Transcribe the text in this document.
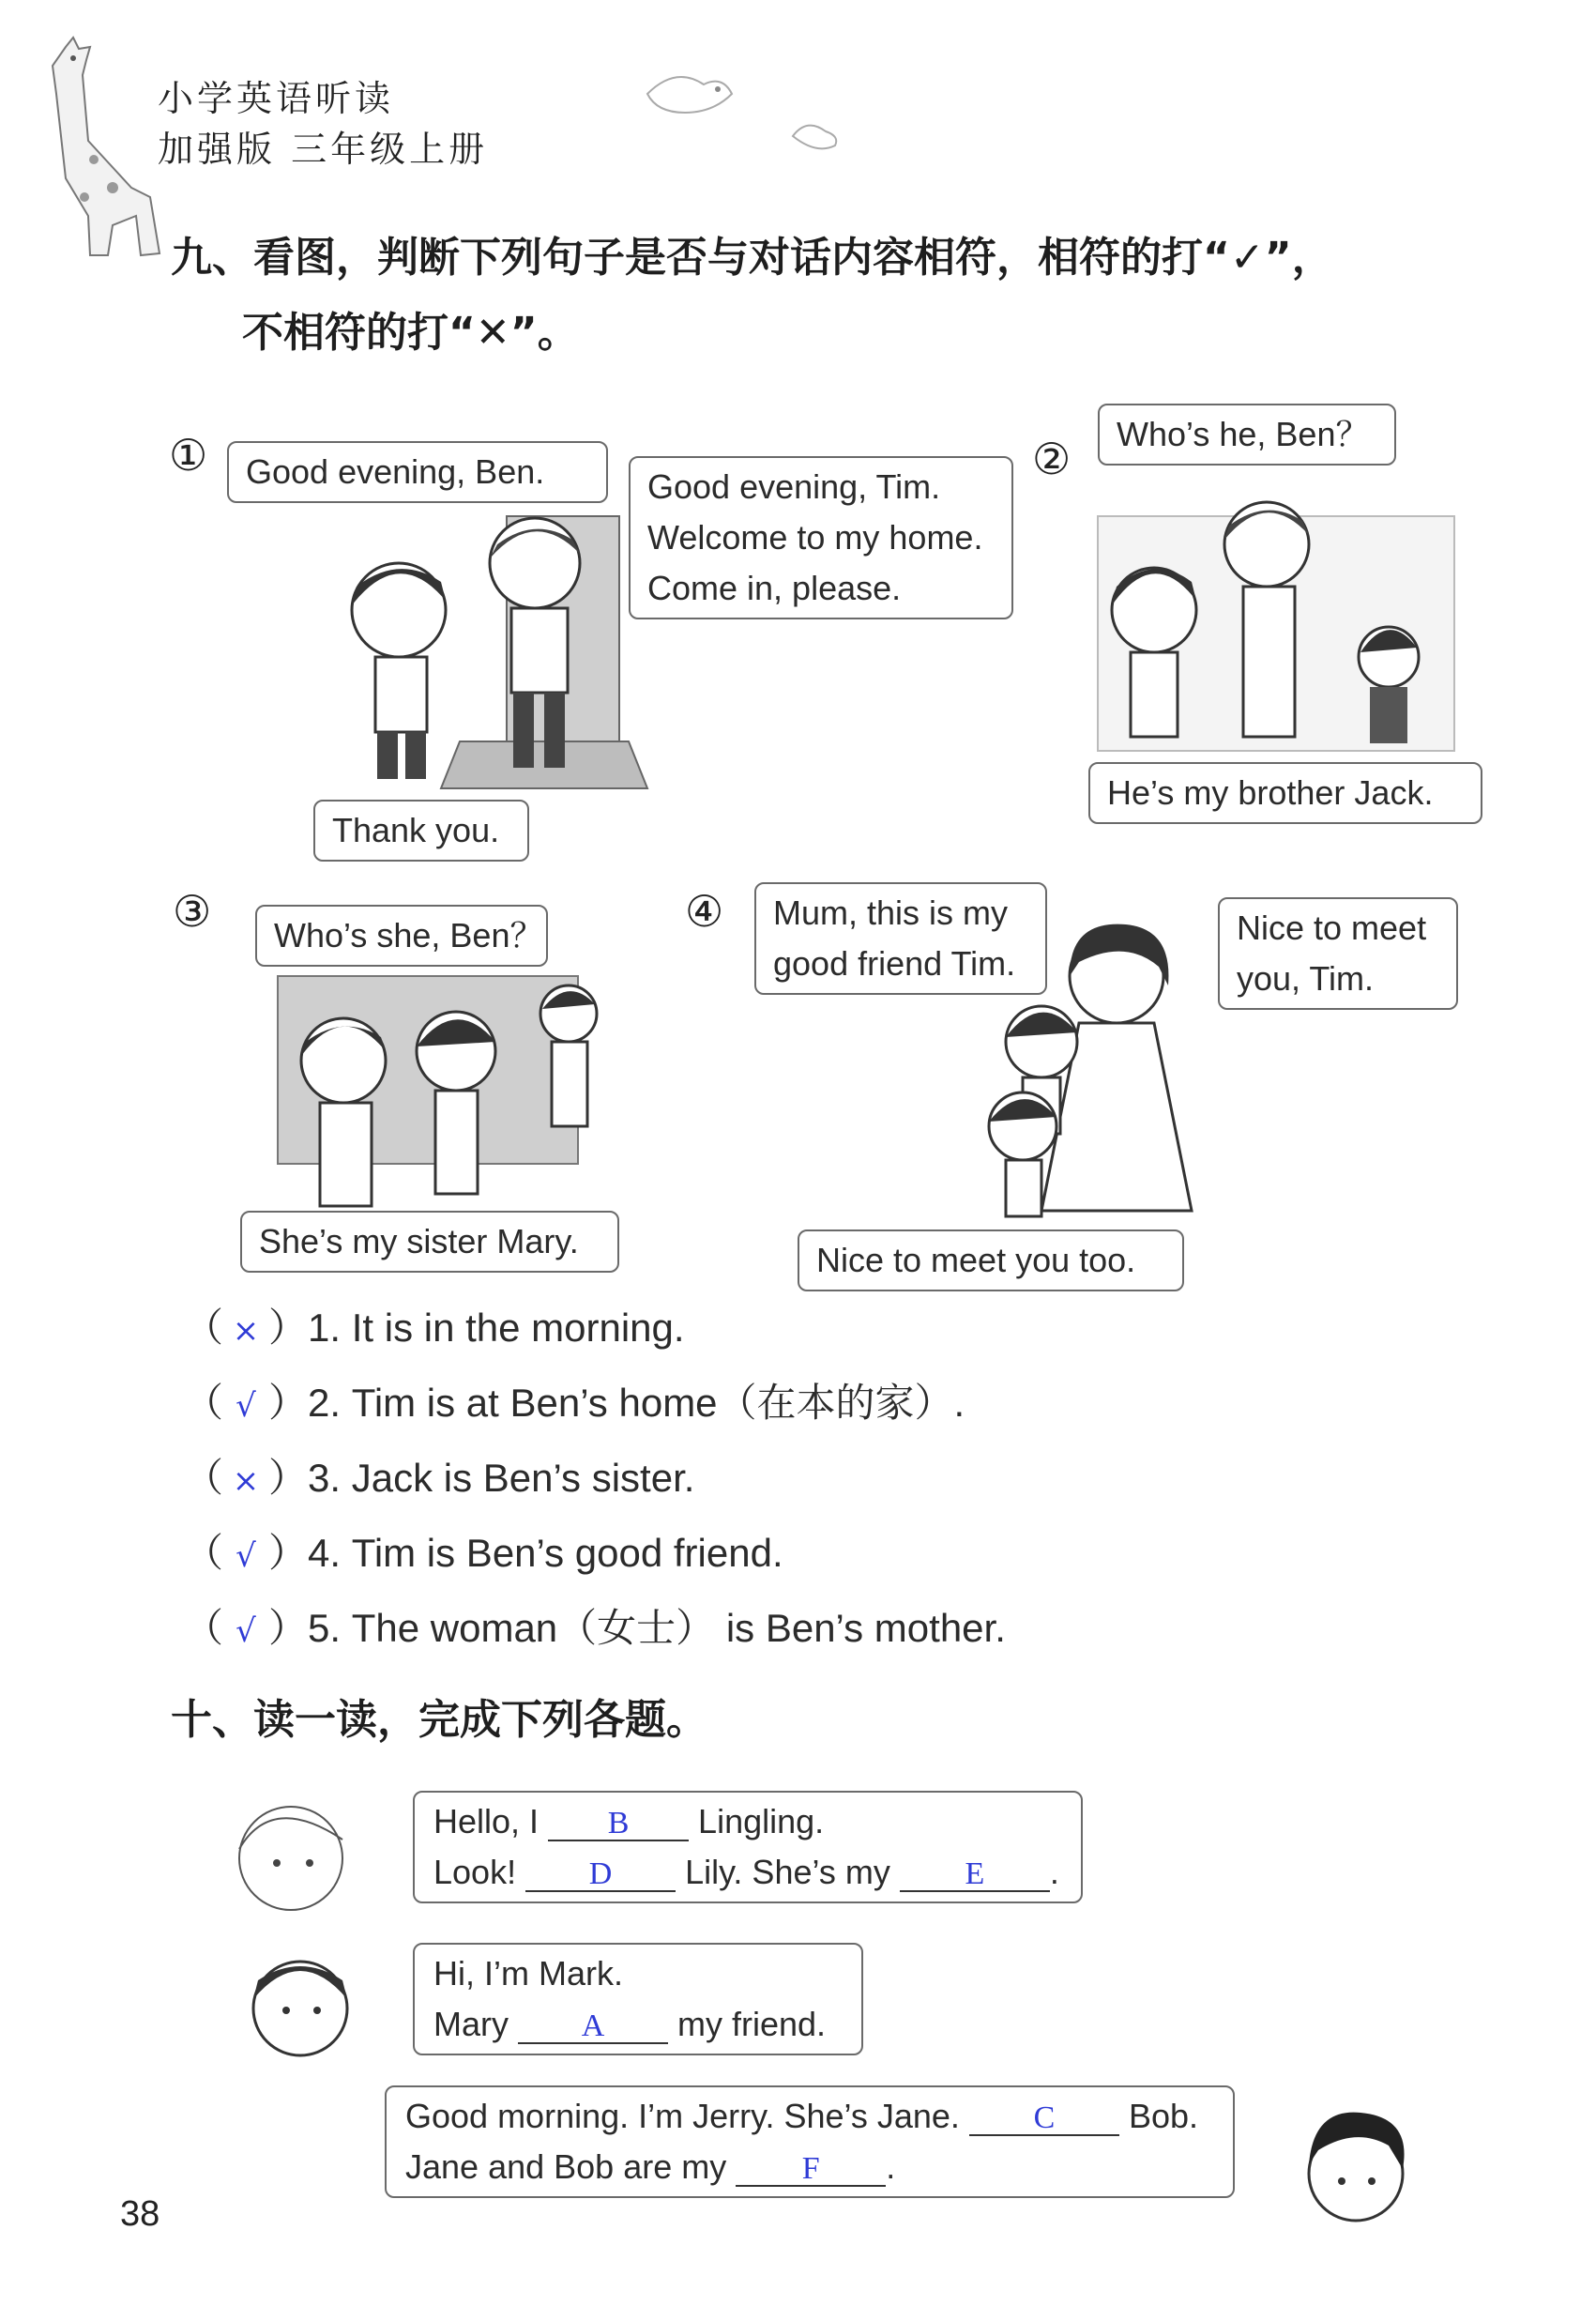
小学英语听读
加强版 三年级上册
九、看图，判断下列句子是否与对话内容相符，相符的打“✓”，
不相符的打“✕”。
① Good evening, Ben.	Good evening, Tim.
Welcome to my home.
Come in, please.
Thank you.
② Who’s he, Ben？
He’s my brother Jack.
③ Who’s she, Ben？
She’s my sister Mary.
④ Mum, this is my
good friend Tim.
Nice to meet
you, Tim.
Nice to meet you too.
（ × ）1. It is in the morning.
（ √ ）2. Tim is at Ben’s home（在本的家）.
（ × ）3. Jack is Ben’s sister.
（ √ ）4. Tim is Ben’s good friend.
（ √ ）5. The woman（女士） is Ben’s mother.
十、读一读，完成下列各题。
Hello, I B Lingling.
Look! D Lily. She’s my E .
Hi, I’m Mark.
Mary A my friend.
Good morning. I’m Jerry. She’s Jane. C Bob.
Jane and Bob are my F .
38
